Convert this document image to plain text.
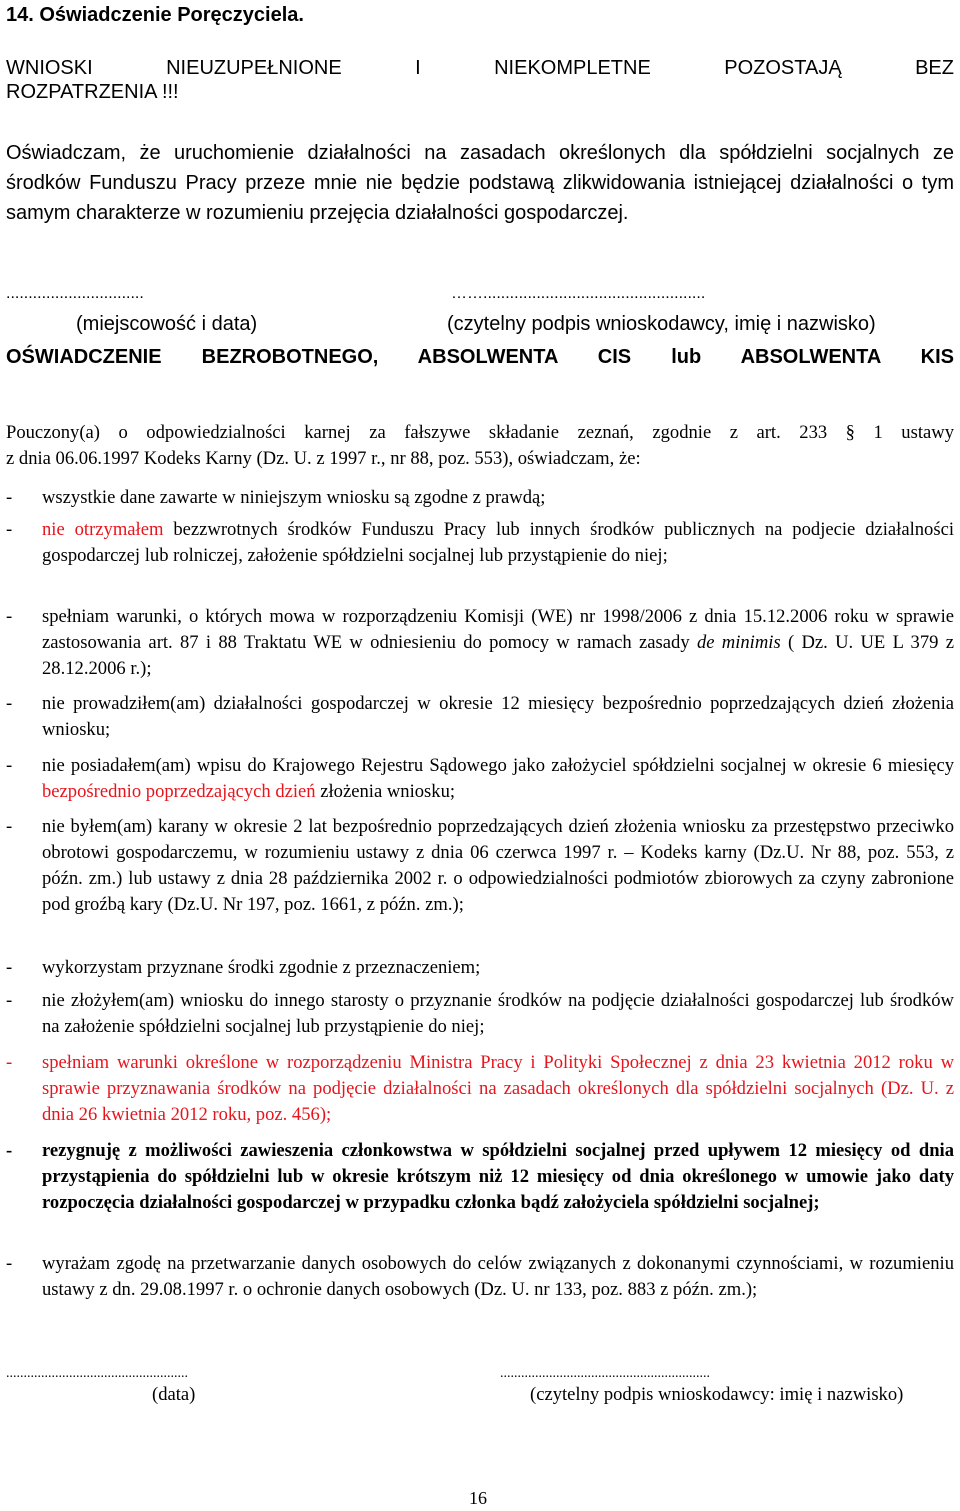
14. Oświadczenie Poręczyciela.
WNIOSKI NIEUZUPEŁNIONE I NIEKOMPLETNE POZOSTAJĄ BEZ
ROZPATRZENIA !!!
Oświadczam, że uruchomienie działalności na zasadach określonych dla spółdzielni socjalnych ze środków Funduszu Pracy przeze mnie nie będzie podstawą zlikwidowania istniejącej działalności o tym samym charakterze w rozumieniu przejęcia działalności gospodarczej.
...............................	……..................................................
(miejscowość i data)	(czytelny podpis wnioskodawcy, imię i nazwisko)
OŚWIADCZENIE BEZROBOTNEGO, ABSOLWENTA CIS lub ABSOLWENTA KIS
Pouczony(a) o odpowiedzialności karnej za fałszywe składanie zeznań, zgodnie z art. 233 § 1 ustawy
z dnia 06.06.1997 Kodeks Karny (Dz. U. z 1997 r., nr 88, poz. 553), oświadczam, że:
- wszystkie dane zawarte w niniejszym wniosku są zgodne z prawdą;
- nie otrzymałem bezzwrotnych środków Funduszu Pracy lub innych środków publicznych na podjecie działalności gospodarczej lub rolniczej, założenie spółdzielni socjalnej lub przystąpienie do niej;
- spełniam warunki, o których mowa w rozporządzeniu Komisji (WE) nr 1998/2006 z dnia 15.12.2006 roku w sprawie zastosowania art. 87 i 88 Traktatu WE w odniesieniu do pomocy w ramach zasady de minimis ( Dz. U. UE L 379 z 28.12.2006 r.);
- nie prowadziłem(am) działalności gospodarczej w okresie 12 miesięcy bezpośrednio poprzedzających dzień złożenia wniosku;
- nie posiadałem(am) wpisu do Krajowego Rejestru Sądowego jako założyciel spółdzielni socjalnej w okresie 6 miesięcy bezpośrednio poprzedzających dzień złożenia wniosku;
- nie byłem(am) karany w okresie 2 lat bezpośrednio poprzedzających dzień złożenia wniosku za przestępstwo przeciwko obrotowi gospodarczemu, w rozumieniu ustawy z dnia 06 czerwca 1997 r. – Kodeks karny (Dz.U. Nr 88, poz. 553, z późn. zm.) lub ustawy z dnia 28 października 2002 r. o odpowiedzialności podmiotów zbiorowych za czyny zabronione pod groźbą kary (Dz.U. Nr 197, poz. 1661, z późn. zm.);
- wykorzystam przyznane środki zgodnie z przeznaczeniem;
- nie złożyłem(am) wniosku do innego starosty o przyznanie środków na podjęcie działalności gospodarczej lub środków na założenie spółdzielni socjalnej lub przystąpienie do niej;
- spełniam warunki określone w rozporządzeniu Ministra Pracy i Polityki Społecznej z dnia 23 kwietnia 2012 roku w sprawie przyznawania środków na podjęcie działalności na zasadach określonych dla spółdzielni socjalnych (Dz. U. z dnia 26 kwietnia 2012 roku, poz. 456);
- rezygnuję z możliwości zawieszenia członkowstwa w spółdzielni socjalnej przed upływem 12 miesięcy od dnia przystąpienia do spółdzielni lub w okresie krótszym niż 12 miesięcy od dnia określonego w umowie jako daty rozpoczęcia działalności gospodarczej w przypadku członka bądź założyciela spółdzielni socjalnej;
- wyrażam zgodę na przetwarzanie danych osobowych do celów związanych z dokonanymi czynnościami, w rozumieniu ustawy z dn. 29.08.1997 r. o ochronie danych osobowych (Dz. U. nr 133, poz. 883 z późn. zm.);
....................................................	............................................................
(data)	(czytelny podpis wnioskodawcy: imię i nazwisko)
16
